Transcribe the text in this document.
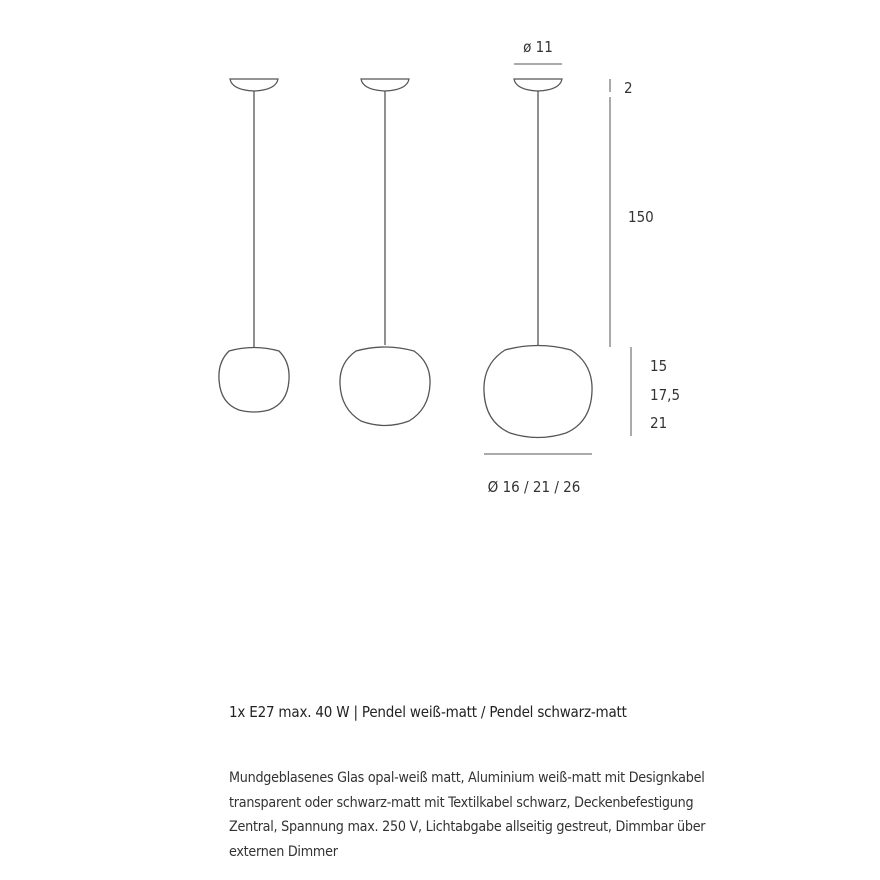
ø 11
2
150
15
17,5
21
Ø 16 / 21 / 26
1x E27 max. 40 W | Pendel weiß-matt / Pendel schwarz-matt
Mundgeblasenes Glas opal-weiß matt, Aluminium weiß-matt mit Designkabel
transparent oder schwarz-matt mit Textilkabel schwarz, Deckenbefestigung
Zentral, Spannung max. 250 V, Lichtabgabe allseitig gestreut, Dimmbar über
externen Dimmer
